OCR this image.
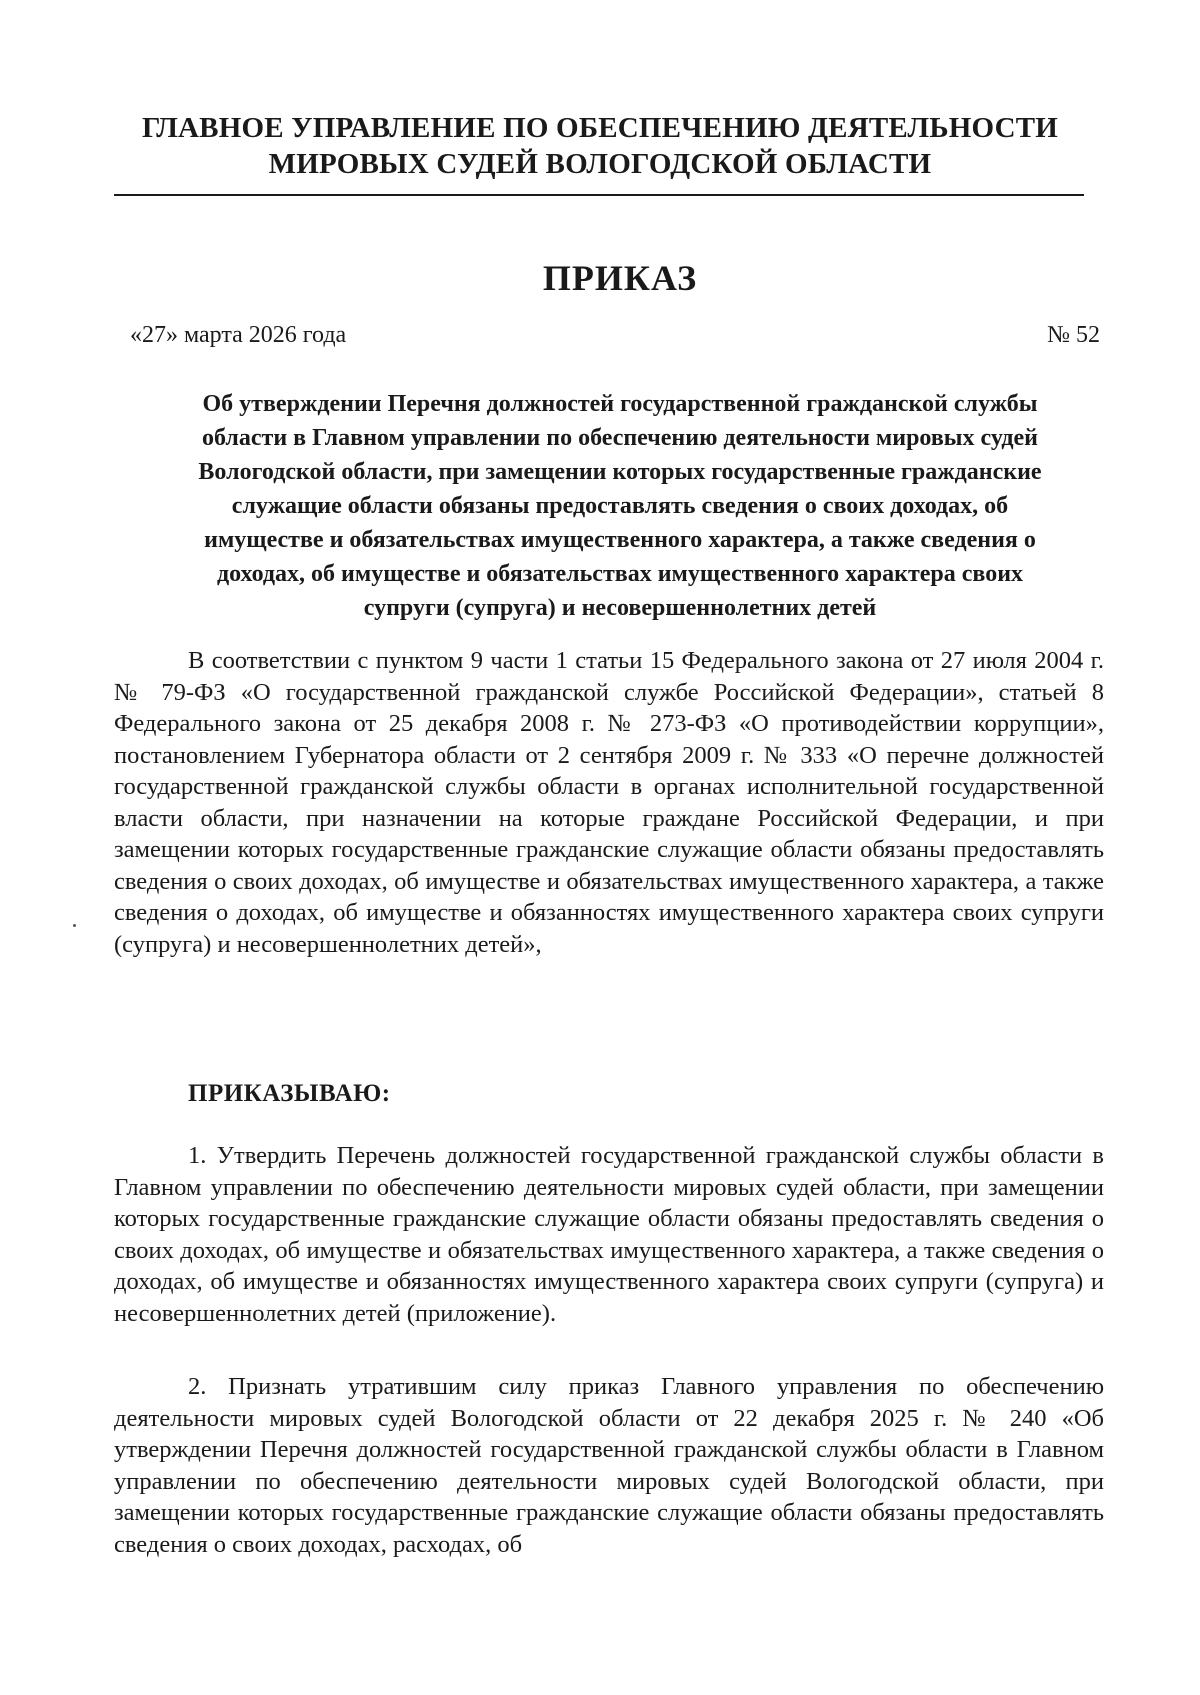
ГЛАВНОЕ УПРАВЛЕНИЕ ПО ОБЕСПЕЧЕНИЮ ДЕЯТЕЛЬНОСТИ
МИРОВЫХ СУДЕЙ ВОЛОГОДСКОЙ ОБЛАСТИ
ПРИКАЗ
«27» марта 2026 года	№ 52
Об утверждении Перечня должностей государственной гражданской службы
области в Главном управлении по обеспечению деятельности мировых судей
Вологодской области, при замещении которых государственные гражданские
служащие области обязаны предоставлять сведения о своих доходах, об
имуществе и обязательствах имущественного характера, а также сведения о
доходах, об имуществе и обязательствах имущественного характера своих
супруги (супруга) и несовершеннолетних детей

В соответствии с пунктом 9 части 1 статьи 15 Федерального закона от 27 июля 2004 г. № 79-ФЗ «О государственной гражданской службе Российской Федерации», статьей 8 Федерального закона от 25 декабря 2008 г. № 273-ФЗ «О противодействии коррупции», постановлением Губернатора области от 2 сентября 2009 г. № 333 «О перечне должностей государственной гражданской службы области в органах исполнительной государственной власти области, при назначении на которые граждане Российской Федерации, и при замещении которых государственные гражданские служащие области обязаны предоставлять сведения о своих доходах, об имуществе и обязательствах имущественного характера, а также сведения о доходах, об имуществе и обязанностях имущественного характера своих супруги (супруга) и несовершеннолетних детей»,

ПРИКАЗЫВАЮ:

1. Утвердить Перечень должностей государственной гражданской службы области в Главном управлении по обеспечению деятельности мировых судей области, при замещении которых государственные гражданские служащие области обязаны предоставлять сведения о своих доходах, об имуществе и обязательствах имущественного характера, а также сведения о доходах, об имуществе и обязанностях имущественного характера своих супруги (супруга) и несовершеннолетних детей (приложение).

2. Признать утратившим силу приказ Главного управления по обеспечению деятельности мировых судей Вологодской области от 22 декабря 2025 г. № 240 «Об утверждении Перечня должностей государственной гражданской службы области в Главном управлении по обеспечению деятельности мировых судей Вологодской области, при замещении которых государственные гражданские служащие области обязаны предоставлять сведения о своих доходах, расходах, об
